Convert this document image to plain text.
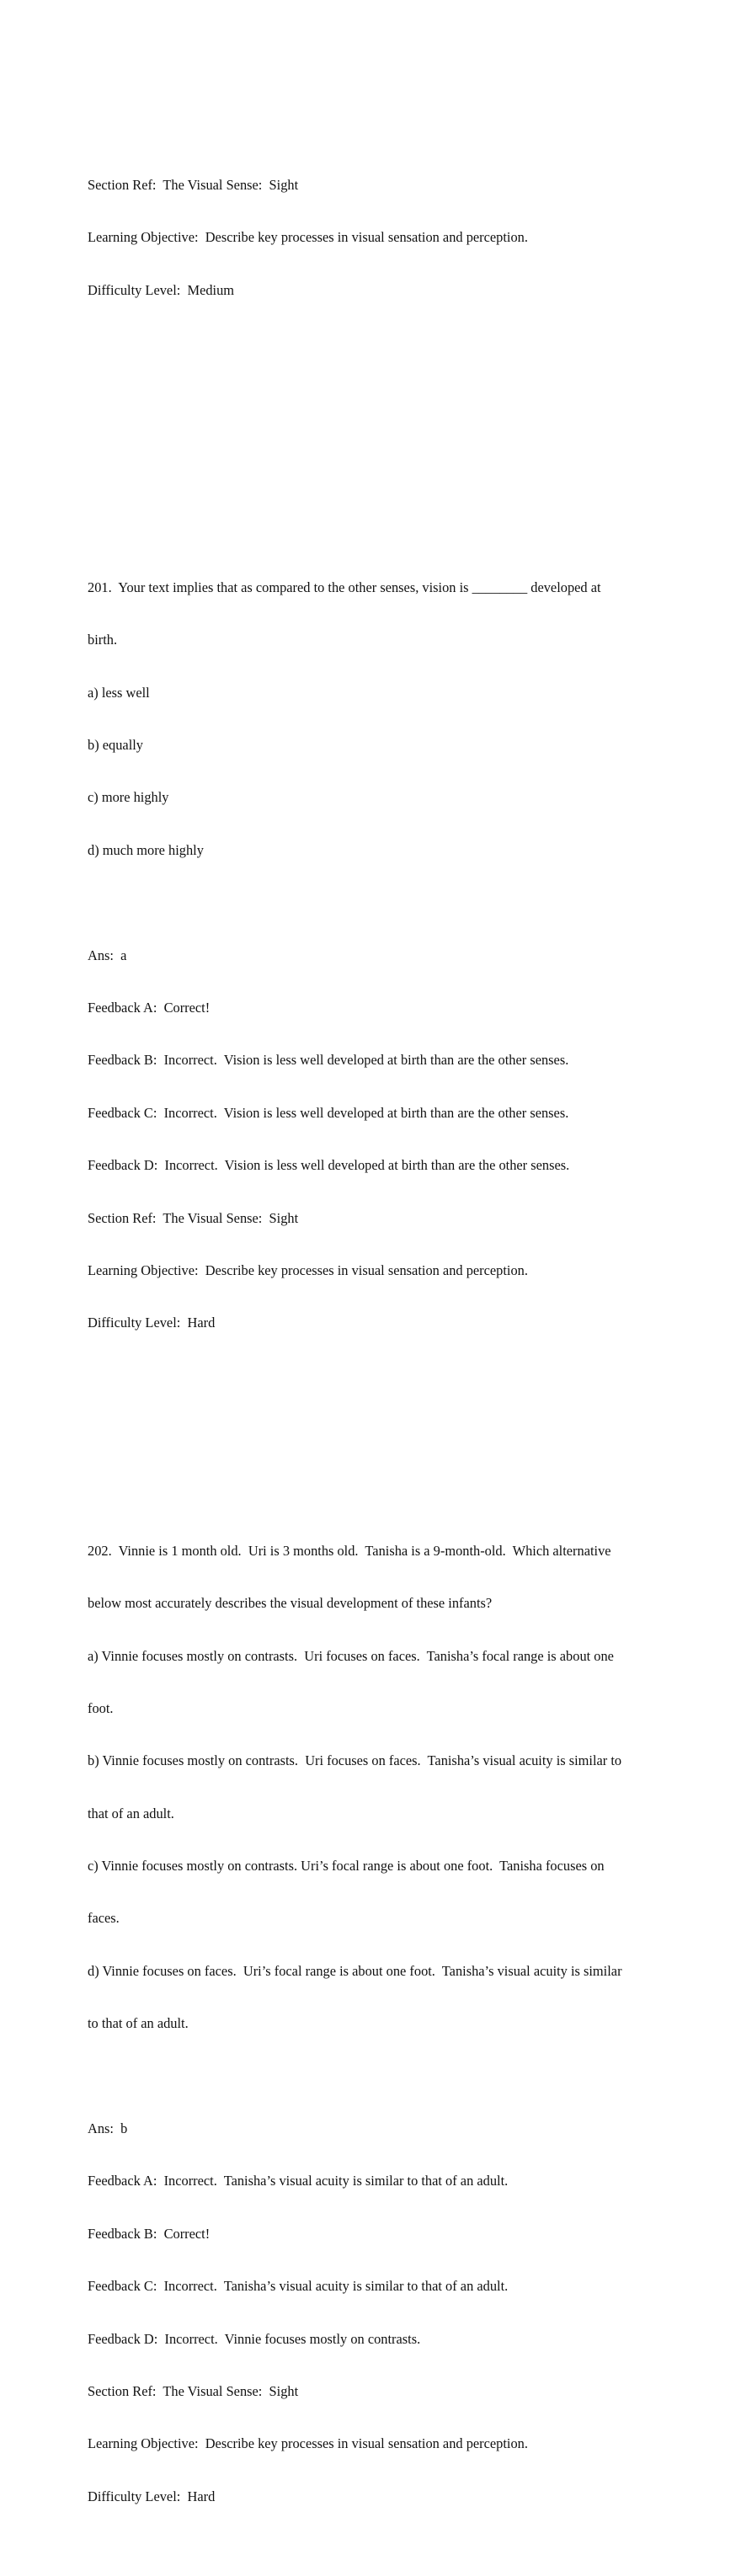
Section Ref:  The Visual Sense:  Sight

Learning Objective:  Describe key processes in visual sensation and perception.

Difficulty Level:  Medium

201.  Your text implies that as compared to the other senses, vision is ________ developed at

birth.

a) less well

b) equally

c) more highly

d) much more highly

Ans:  a

Feedback A:  Correct!

Feedback B:  Incorrect.  Vision is less well developed at birth than are the other senses.

Feedback C:  Incorrect.  Vision is less well developed at birth than are the other senses.

Feedback D:  Incorrect.  Vision is less well developed at birth than are the other senses.

Section Ref:  The Visual Sense:  Sight

Learning Objective:  Describe key processes in visual sensation and perception.

Difficulty Level:  Hard

202.  Vinnie is 1 month old.  Uri is 3 months old.  Tanisha is a 9-month-old.  Which alternative

below most accurately describes the visual development of these infants?

a) Vinnie focuses mostly on contrasts.  Uri focuses on faces.  Tanisha’s focal range is about one

foot.

b) Vinnie focuses mostly on contrasts.  Uri focuses on faces.  Tanisha’s visual acuity is similar to

that of an adult.

c) Vinnie focuses mostly on contrasts. Uri’s focal range is about one foot.  Tanisha focuses on

faces.

d) Vinnie focuses on faces.  Uri’s focal range is about one foot.  Tanisha’s visual acuity is similar

to that of an adult.

Ans:  b

Feedback A:  Incorrect.  Tanisha’s visual acuity is similar to that of an adult.

Feedback B:  Correct!

Feedback C:  Incorrect.  Tanisha’s visual acuity is similar to that of an adult.

Feedback D:  Incorrect.  Vinnie focuses mostly on contrasts.

Section Ref:  The Visual Sense:  Sight

Learning Objective:  Describe key processes in visual sensation and perception.

Difficulty Level:  Hard
